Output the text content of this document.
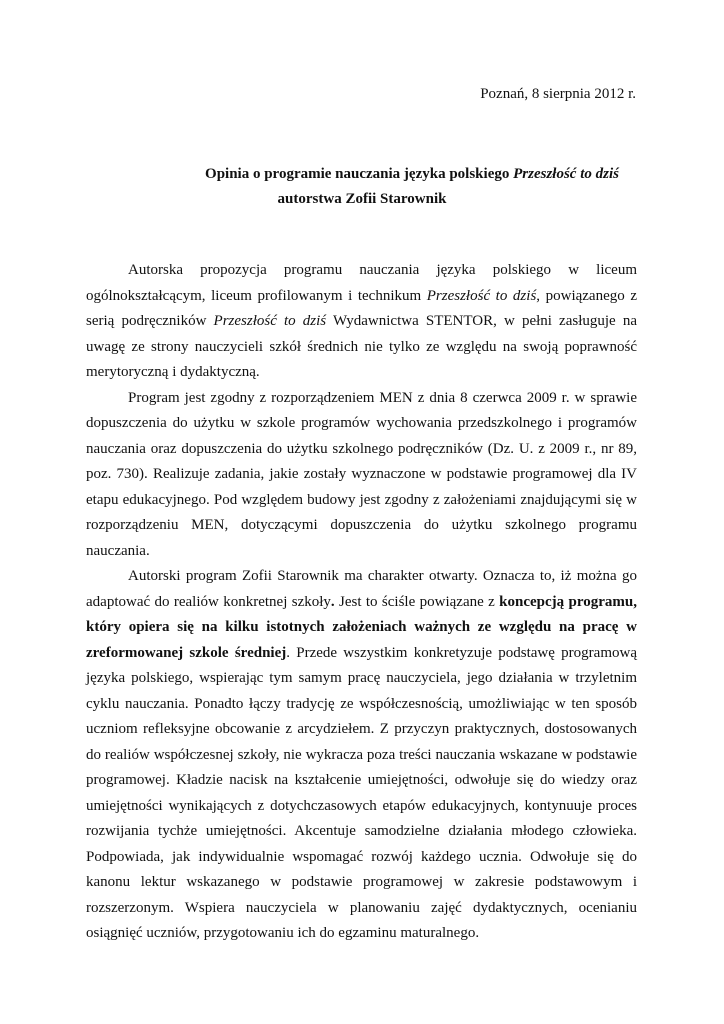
Poznań, 8 sierpnia 2012 r.
Opinia o programie nauczania języka polskiego Przeszłość to dziś
autorstwa Zofii Starownik

Autorska propozycja programu nauczania języka polskiego w liceum ogólnokształcącym, liceum profilowanym i technikum Przeszłość to dziś, powiązanego z serią podręczników Przeszłość to dziś Wydawnictwa STENTOR, w pełni zasługuje na uwagę ze strony nauczycieli szkół średnich nie tylko ze względu na swoją poprawność merytoryczną i dydaktyczną.

Program jest zgodny z rozporządzeniem MEN z dnia 8 czerwca 2009 r. w sprawie dopuszczenia do użytku w szkole programów wychowania przedszkolnego i programów nauczania oraz dopuszczenia do użytku szkolnego podręczników (Dz. U. z 2009 r., nr 89, poz. 730). Realizuje zadania, jakie zostały wyznaczone w podstawie programowej dla IV etapu edukacyjnego. Pod względem budowy jest zgodny z założeniami znajdującymi się w rozporządzeniu MEN, dotyczącymi dopuszczenia do użytku szkolnego programu nauczania.

Autorski program Zofii Starownik ma charakter otwarty. Oznacza to, iż można go adaptować do realiów konkretnej szkoły. Jest to ściśle powiązane z koncepcją programu, który opiera się na kilku istotnych założeniach ważnych ze względu na pracę w zreformowanej szkole średniej. Przede wszystkim konkretyzuje podstawę programową języka polskiego, wspierając tym samym pracę nauczyciela, jego działania w trzyletnim cyklu nauczania. Ponadto łączy tradycję ze współczesnością, umożliwiając w ten sposób uczniom refleksyjne obcowanie z arcydziełem. Z przyczyn praktycznych, dostosowanych do realiów współczesnej szkoły, nie wykracza poza treści nauczania wskazane w podstawie programowej. Kładzie nacisk na kształcenie umiejętności, odwołuje się do wiedzy oraz umiejętności wynikających z dotychczasowych etapów edukacyjnych, kontynuuje proces rozwijania tychże umiejętności. Akcentuje samodzielne działania młodego człowieka. Podpowiada, jak indywidualnie wspomagać rozwój każdego ucznia. Odwołuje się do kanonu lektur wskazanego w podstawie programowej w zakresie podstawowym i rozszerzonym. Wspiera nauczyciela w planowaniu zajęć dydaktycznych, ocenianiu osiągnięć uczniów, przygotowaniu ich do egzaminu maturalnego.
